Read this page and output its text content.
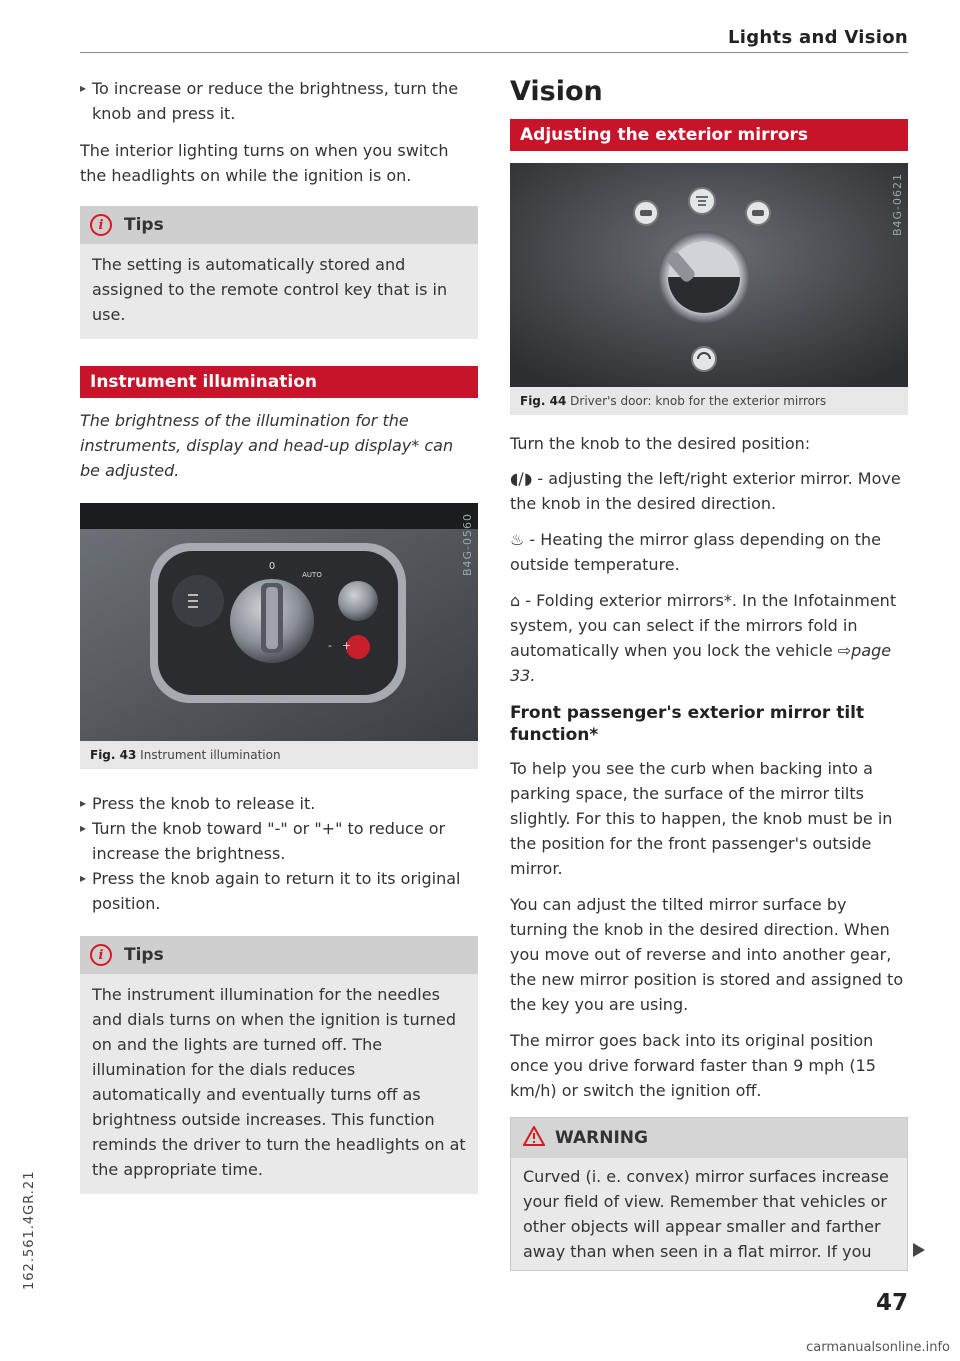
Lights and Vision
162.561.4GR.21
▸ To increase or reduce the brightness, turn the knob and press it.
The interior lighting turns on when you switch the headlights on while the ignition is on.
i	Tips
The setting is automatically stored and assigned to the remote control key that is in use.
Instrument illumination
The brightness of the illumination for the instruments, display and head-up display* can be adjusted.
0
AUTO
- +
B4G-0560
Fig. 43 Instrument illumination
▸ Press the knob to release it.
▸ Turn the knob toward "-" or "+" to reduce or increase the brightness.
▸ Press the knob again to return it to its original position.
i	Tips
The instrument illumination for the needles and dials turns on when the ignition is turned on and the lights are turned off. The illumination for the dials reduces automatically and eventually turns off as brightness outside increases. This function reminds the driver to turn the headlights on at the appropriate time.
Vision
Adjusting the exterior mirrors
B4G-0621
Fig. 44 Driver's door: knob for the exterior mirrors
Turn the knob to the desired position:
◖/◗ - adjusting the left/right exterior mirror. Move the knob in the desired direction.
♨ - Heating the mirror glass depending on the outside temperature.
⌂ - Folding exterior mirrors*. In the Infotainment system, you can select if the mirrors fold in automatically when you lock the vehicle ⇨page 33.
Front passenger's exterior mirror tilt function*
To help you see the curb when backing into a parking space, the surface of the mirror tilts slightly. For this to happen, the knob must be in the position for the front passenger's outside mirror.
You can adjust the tilted mirror surface by turning the knob in the desired direction. When you move out of reverse and into another gear, the new mirror position is stored and assigned to the key you are using.
The mirror goes back into its original position once you drive forward faster than 9 mph (15 km/h) or switch the ignition off.
WARNING
Curved (i. e. convex) mirror surfaces increase your field of view. Remember that vehicles or other objects will appear smaller and farther away than when seen in a flat mirror. If you
47
carmanualsonline.info
